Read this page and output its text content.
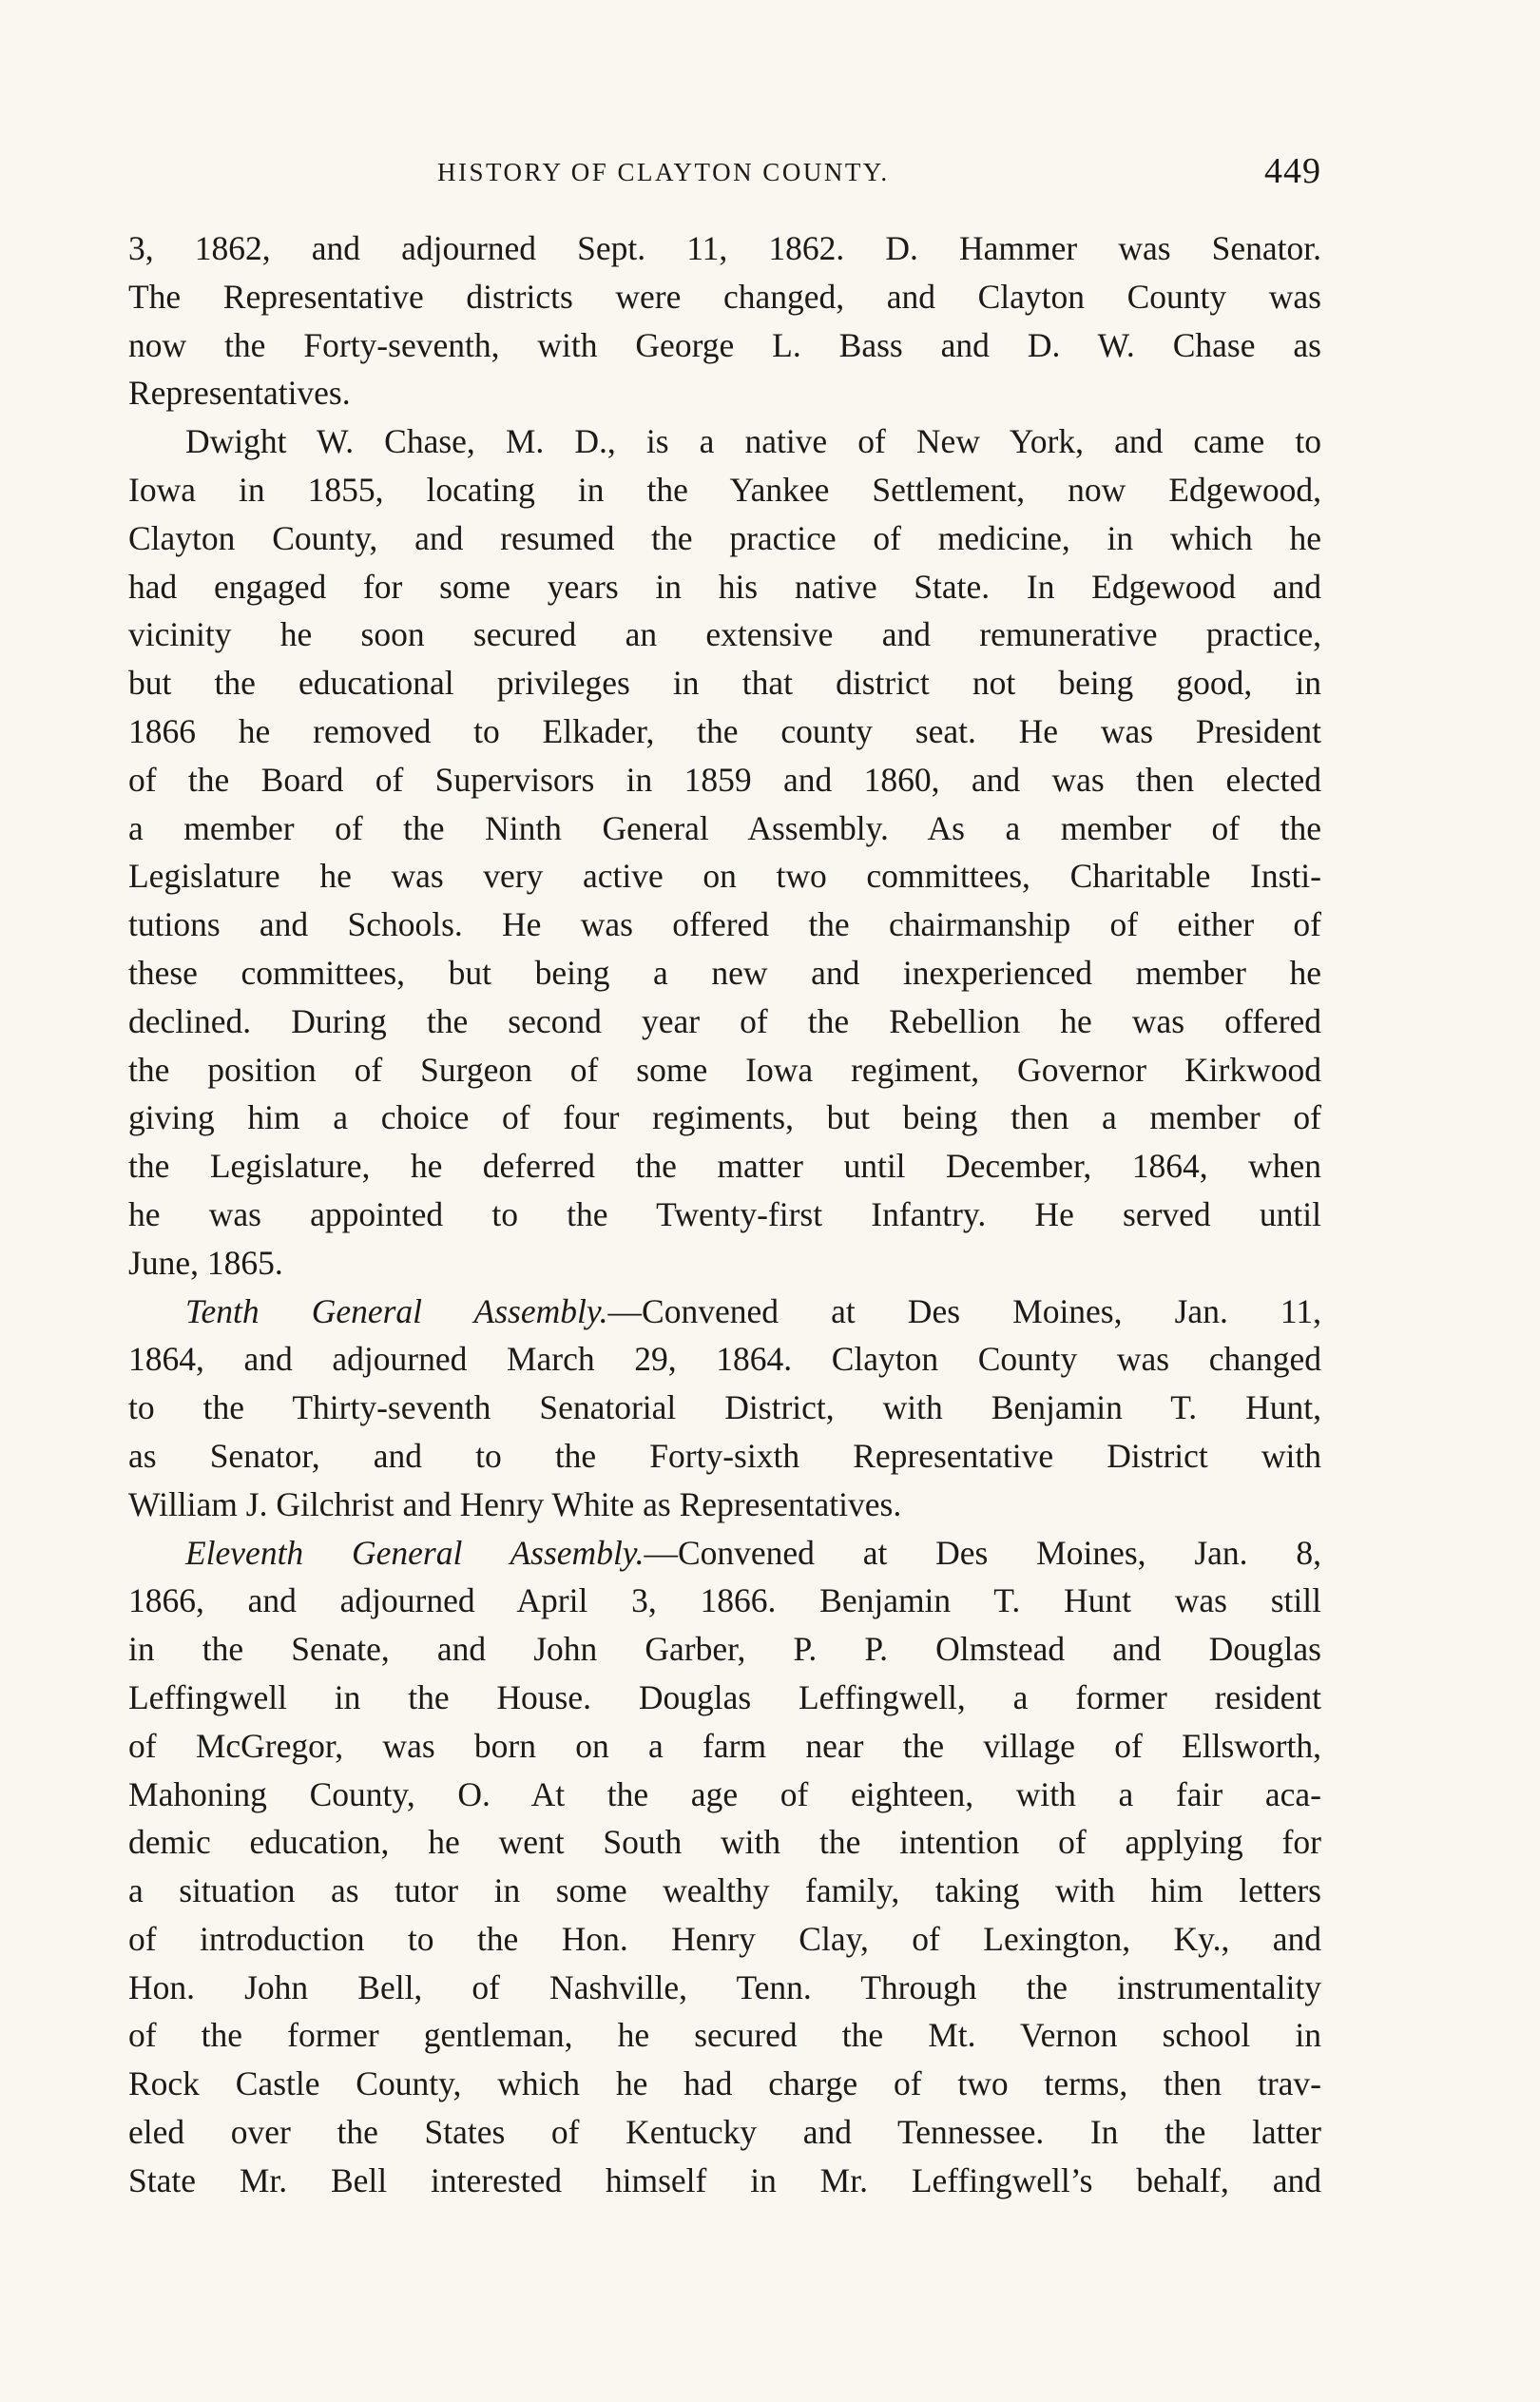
HISTORY OF CLAYTON COUNTY.	449
3, 1862, and adjourned Sept. 11, 1862. D. Hammer was Senator.
The Representative districts were changed, and Clayton County was
now the Forty-seventh, with George L. Bass and D. W. Chase as
Representatives.
Dwight W. Chase, M. D., is a native of New York, and came to
Iowa in 1855, locating in the Yankee Settlement, now Edgewood,
Clayton County, and resumed the practice of medicine, in which he
had engaged for some years in his native State. In Edgewood and
vicinity he soon secured an extensive and remunerative practice,
but the educational privileges in that district not being good, in
1866 he removed to Elkader, the county seat. He was President
of the Board of Supervisors in 1859 and 1860, and was then elected
a member of the Ninth General Assembly. As a member of the
Legislature he was very active on two committees, Charitable Insti-
tutions and Schools. He was offered the chairmanship of either of
these committees, but being a new and inexperienced member he
declined. During the second year of the Rebellion he was offered
the position of Surgeon of some Iowa regiment, Governor Kirkwood
giving him a choice of four regiments, but being then a member of
the Legislature, he deferred the matter until December, 1864, when
he was appointed to the Twenty-first Infantry. He served until
June, 1865.
Tenth General Assembly.—Convened at Des Moines, Jan. 11,
1864, and adjourned March 29, 1864. Clayton County was changed
to the Thirty-seventh Senatorial District, with Benjamin T. Hunt,
as Senator, and to the Forty-sixth Representative District with
William J. Gilchrist and Henry White as Representatives.
Eleventh General Assembly.—Convened at Des Moines, Jan. 8,
1866, and adjourned April 3, 1866. Benjamin T. Hunt was still
in the Senate, and John Garber, P. P. Olmstead and Douglas
Leffingwell in the House. Douglas Leffingwell, a former resident
of McGregor, was born on a farm near the village of Ellsworth,
Mahoning County, O. At the age of eighteen, with a fair aca-
demic education, he went South with the intention of applying for
a situation as tutor in some wealthy family, taking with him letters
of introduction to the Hon. Henry Clay, of Lexington, Ky., and
Hon. John Bell, of Nashville, Tenn. Through the instrumentality
of the former gentleman, he secured the Mt. Vernon school in
Rock Castle County, which he had charge of two terms, then trav-
eled over the States of Kentucky and Tennessee. In the latter
State Mr. Bell interested himself in Mr. Leffingwell’s behalf, and
